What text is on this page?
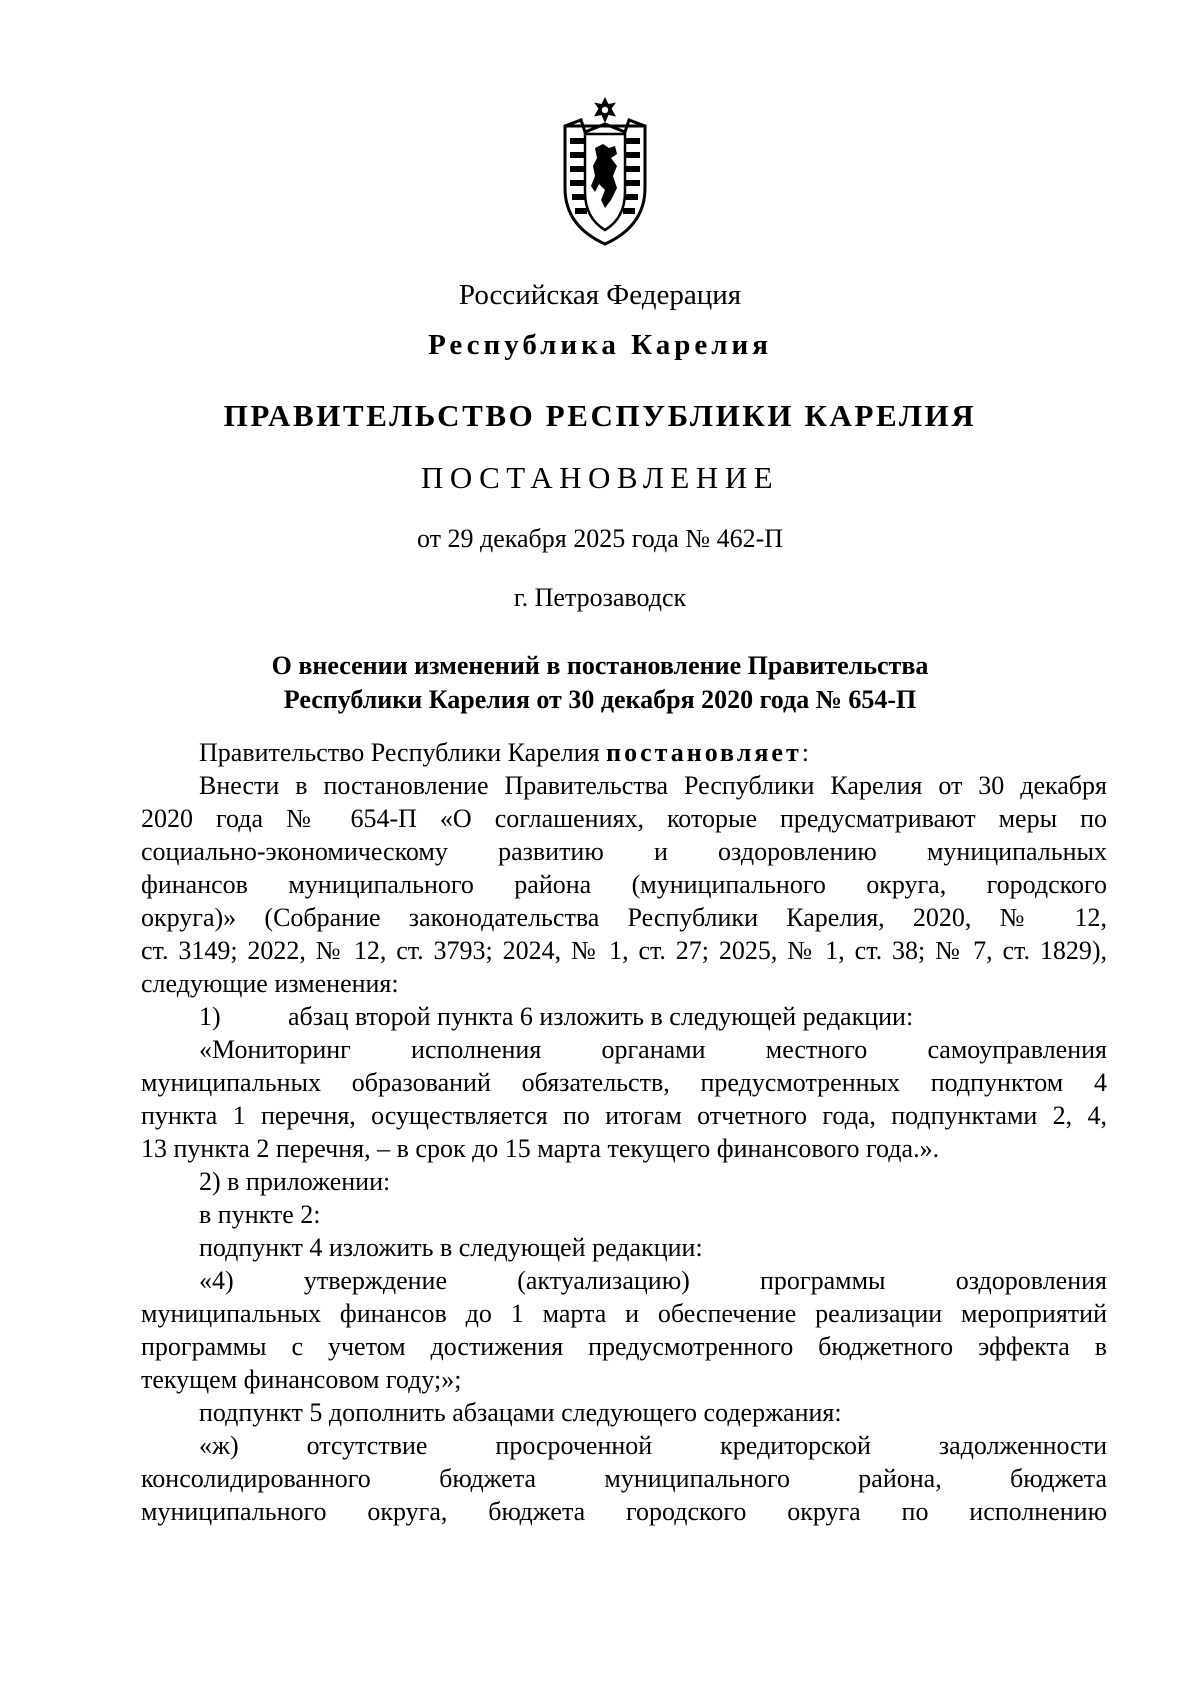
Российская Федерация
Республика Карелия
ПРАВИТЕЛЬСТВО РЕСПУБЛИКИ КАРЕЛИЯ
ПОСТАНОВЛЕНИЕ
от 29 декабря 2025 года № 462-П
г. Петрозаводск
О внесении изменений в постановление Правительства
Республики Карелия от 30 декабря 2020 года № 654-П
Правительство Республики Карелия постановляет:
Внести в постановление Правительства Республики Карелия от 30 декабря
2020 года № 654-П «О соглашениях, которые предусматривают меры по
социально-экономическому развитию и оздоровлению муниципальных
финансов муниципального района (муниципального округа, городского
округа)» (Собрание законодательства Республики Карелия, 2020, № 12,
ст. 3149; 2022, № 12, ст. 3793; 2024, № 1, ст. 27; 2025, № 1, ст. 38; № 7, ст. 1829),
следующие изменения:
1)	абзац второй пункта 6 изложить в следующей редакции:
«Мониторинг исполнения органами местного самоуправления
муниципальных образований обязательств, предусмотренных подпунктом 4
пункта 1 перечня, осуществляется по итогам отчетного года, подпунктами 2, 4,
13 пункта 2 перечня, – в срок до 15 марта текущего финансового года.».
2) в приложении:
в пункте 2:
подпункт 4 изложить в следующей редакции:
«4) утверждение (актуализацию) программы оздоровления
муниципальных финансов до 1 марта и обеспечение реализации мероприятий
программы с учетом достижения предусмотренного бюджетного эффекта в
текущем финансовом году;»;
подпункт 5 дополнить абзацами следующего содержания:
«ж) отсутствие просроченной кредиторской задолженности
консолидированного бюджета муниципального района, бюджета
муниципального округа, бюджета городского округа по исполнению
